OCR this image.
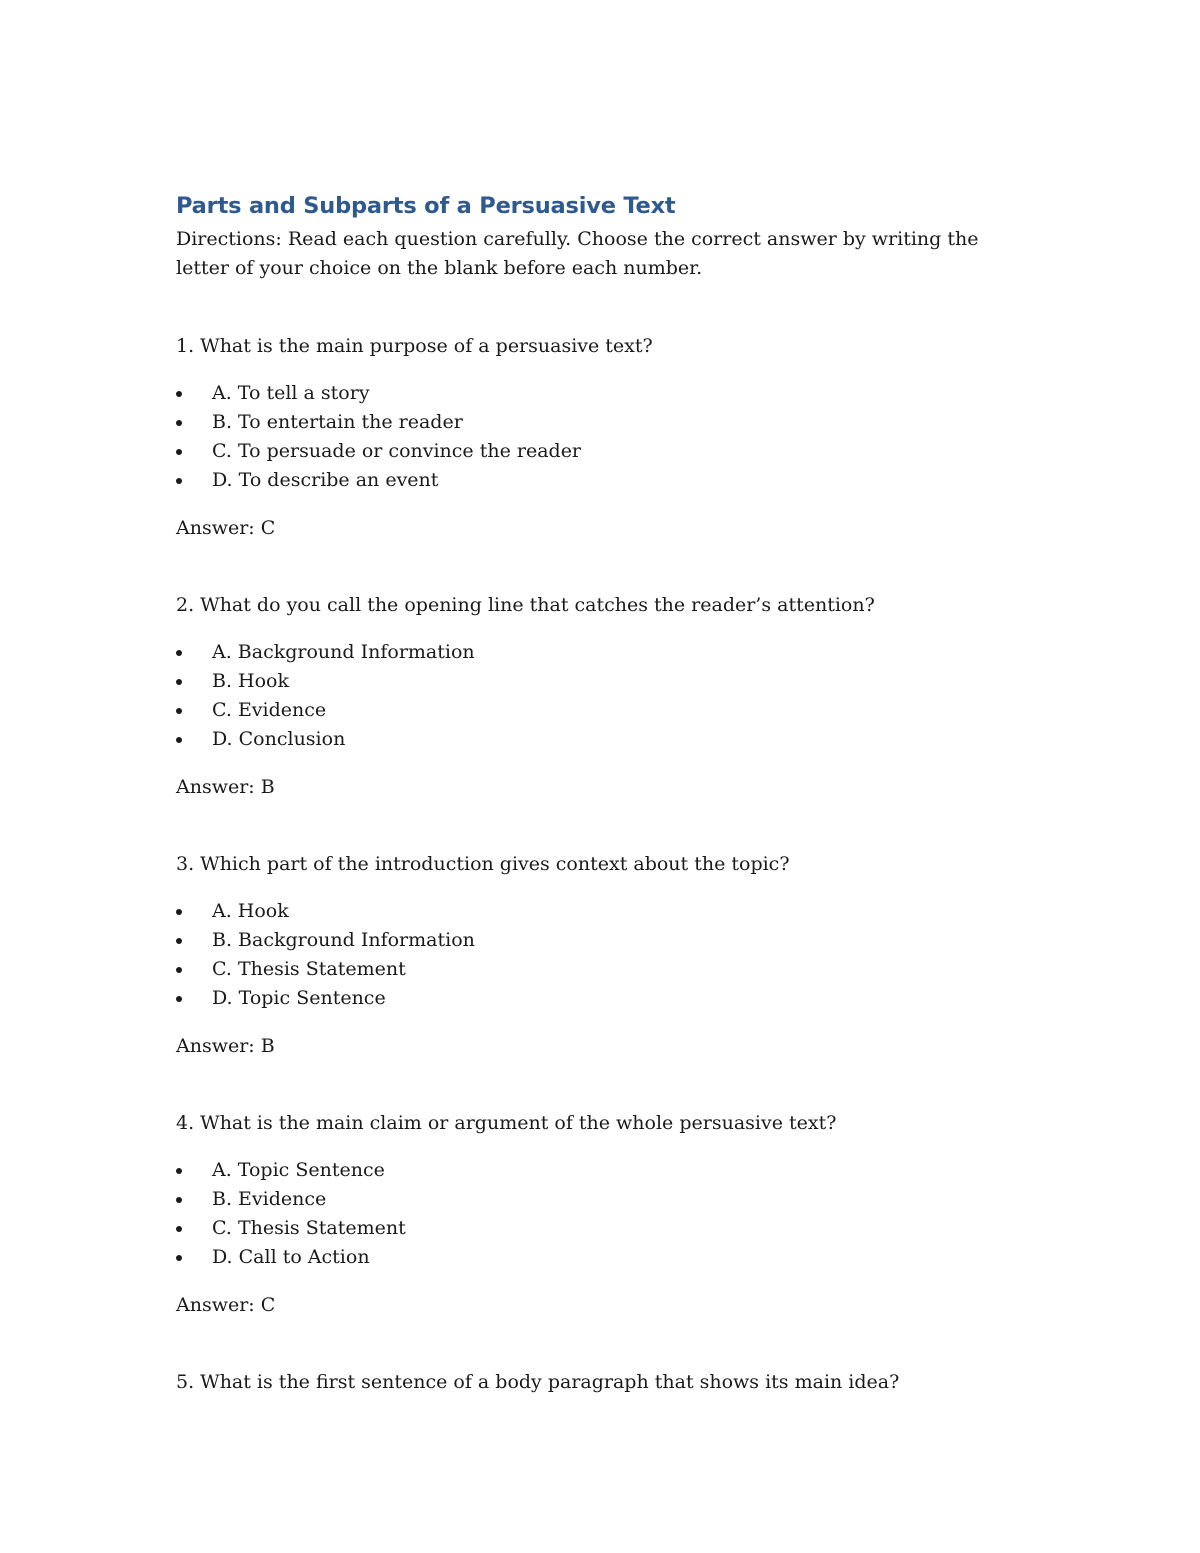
Parts and Subparts of a Persuasive Text

Directions: Read each question carefully. Choose the correct answer by writing the letter of your choice on the blank before each number.

1. What is the main purpose of a persuasive text?

A. To tell a story
B. To entertain the reader
C. To persuade or convince the reader
D. To describe an event

Answer: C

2. What do you call the opening line that catches the reader’s attention?

A. Background Information
B. Hook
C. Evidence
D. Conclusion

Answer: B

3. Which part of the introduction gives context about the topic?

A. Hook
B. Background Information
C. Thesis Statement
D. Topic Sentence

Answer: B

4. What is the main claim or argument of the whole persuasive text?

A. Topic Sentence
B. Evidence
C. Thesis Statement
D. Call to Action

Answer: C

5. What is the first sentence of a body paragraph that shows its main idea?
